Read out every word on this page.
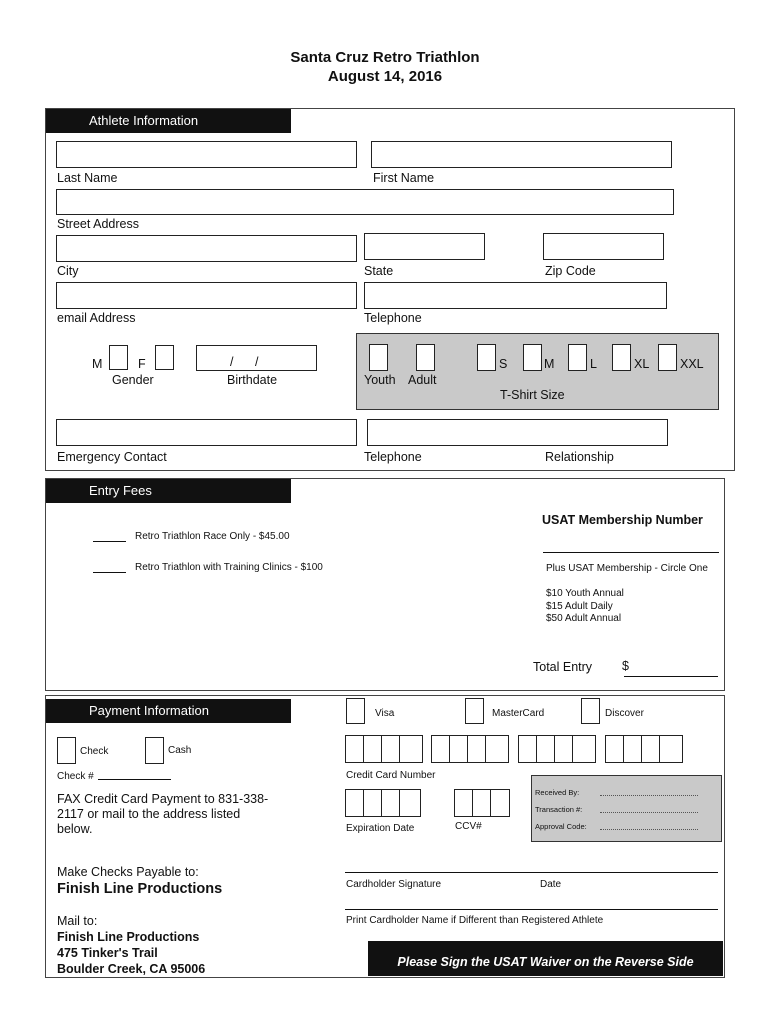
Santa Cruz Retro Triathlon
August 14, 2016
Athlete Information
Last Name	First Name
Street Address
City	State	Zip Code
email Address	Telephone
M	F
Gender
/ /
Birthdate	Youth Adult
S	M	L	XL XXL
T-Shirt Size
Emergency Contact	Telephone	Relationship
Entry Fees
Retro Triathlon Race Only - $45.00
Retro Triathlon with Training Clinics - $100
USAT Membership Number
Plus USAT Membership - Circle One
$10 Youth Annual
$15 Adult Daily
$50 Adult Annual
Total Entry $
Payment Information	Visa	MasterCard	Discover
Check	Cash
Check #	Credit Card Number
FAX Credit Card Payment to 831-338-2117 or mail to the address listed below.	Expiration Date	CCV#
Received By:
Transaction #:
Approval Code:
Make Checks Payable to:
Finish Line Productions	Cardholder Signature	Date
Print Cardholder Name if Different than Registered Athlete
Mail to:
Finish Line Productions
475 Tinker's Trail
Boulder Creek, CA 95006	Please Sign the USAT Waiver on the Reverse Side
